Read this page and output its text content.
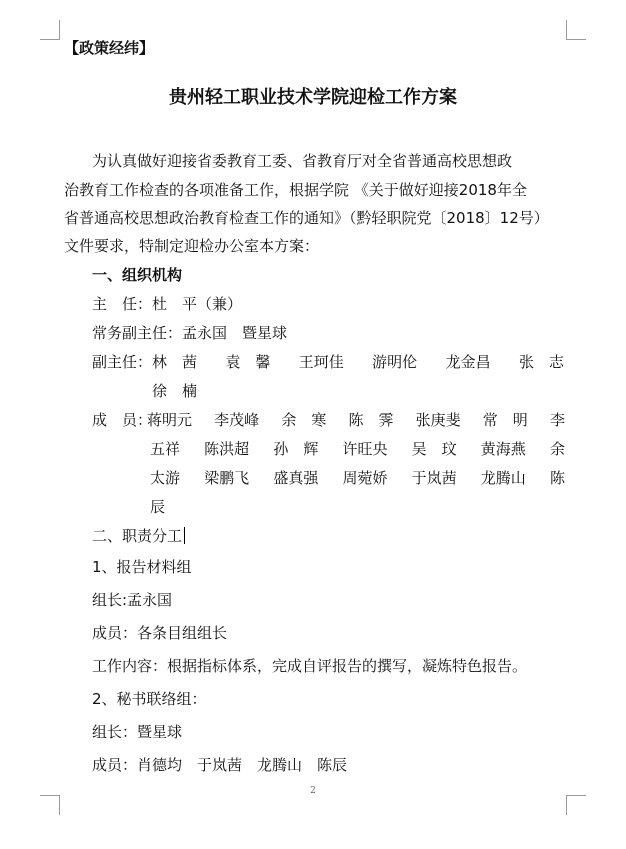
【政策经纬】
贵州轻工职业技术学院迎检工作方案
为认真做好迎接省委教育工委、省教育厅对全省普通高校思想政
治教育工作检查的各项准备工作，根据学院 《关于做好迎接2018年全
省普通高校思想政治教育检查工作的通知》（黔轻职院党〔2018〕12号）
文件要求，特制定迎检办公室本方案：
一、组织机构
主　任：杜　平（兼）
常务副主任：孟永国　暨星球
副主任： 林　茜 袁　馨 王珂佳 游明伦 龙金昌 张　志
徐　楠
成　员：
蒋明元 李茂峰 余　寒 陈　霁 张庚斐 常　明 李
五祥 陈洪超 孙　辉 许旺央 吴　玟 黄海燕 余
太游 梁鹏飞 盛真强 周菀娇 于岚茜 龙腾山 陈
辰
二、职责分工
1、报告材料组
组长:孟永国
成员：各条目组组长
工作内容：根据指标体系，完成自评报告的撰写，凝炼特色报告。
2、秘书联络组：
组长：暨星球
成员：肖德均　于岚茜　龙腾山　陈辰
2
